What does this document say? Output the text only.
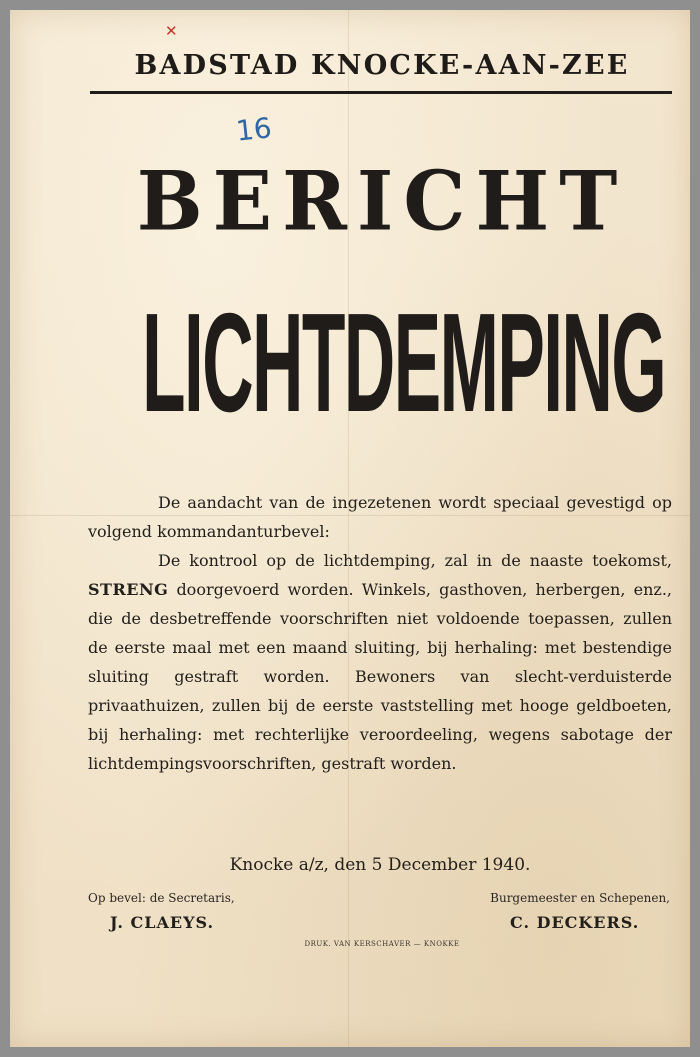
✕
BADSTAD KNOCKE-AAN-ZEE
16
BERICHT
LICHTDEMPING

De aandacht van de ingezetenen wordt speciaal gevestigd op volgend kommandanturbevel:

De kontrool op de lichtdemping, zal in de naaste toekomst, STRENG doorgevoerd worden. Winkels, gasthoven, herbergen, enz., die de desbetreffende voorschriften niet voldoende toepassen, zullen de eerste maal met een maand sluiting, bij herhaling: met bestendige sluiting gestraft worden. Bewoners van slecht-verduisterde privaathuizen, zullen bij de eerste vaststelling met hooge geldboeten, bij herhaling: met rechterlijke veroordeeling, wegens sabotage der lichtdempingsvoorschriften, gestraft worden.

Knocke a/z, den 5 December 1940.
Op bevel: de Secretaris,	Burgemeester en Schepenen,
J. CLAEYS.	C. DECKERS.
DRUK. VAN KERSCHAVER — KNOKKE
